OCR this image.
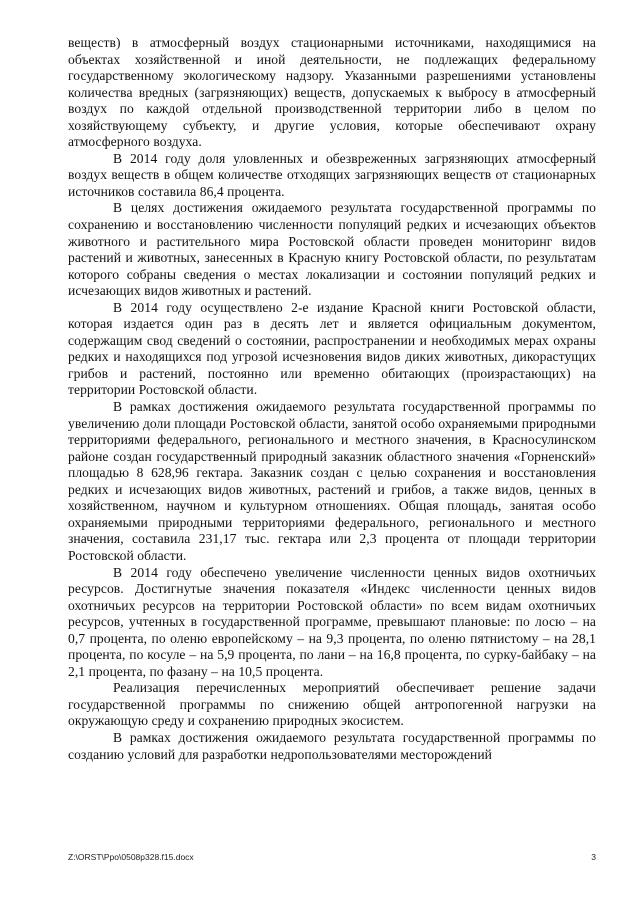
веществ) в атмосферный воздух стационарными источниками, находящимися на объектах хозяйственной и иной деятельности, не подлежащих федеральному государственному экологическому надзору. Указанными разрешениями установлены количества вредных (загрязняющих) веществ, допускаемых к выбросу в атмосферный воздух по каждой отдельной производственной территории либо в целом по хозяйствующему субъекту, и другие условия, которые обеспечивают охрану атмосферного воздуха.

В 2014 году доля уловленных и обезвреженных загрязняющих атмосферный воздух веществ в общем количестве отходящих загрязняющих веществ от стационарных источников составила 86,4 процента.

В целях достижения ожидаемого результата государственной программы по сохранению и восстановлению численности популяций редких и исчезающих объектов животного и растительного мира Ростовской области проведен мониторинг видов растений и животных, занесенных в Красную книгу Ростовской области, по результатам которого собраны сведения о местах локализации и состоянии популяций редких и исчезающих видов животных и растений.

В 2014 году осуществлено 2-е издание Красной книги Ростовской области, которая издается один раз в десять лет и является официальным документом, содержащим свод сведений о состоянии, распространении и необходимых мерах охраны редких и находящихся под угрозой исчезновения видов диких животных, дикорастущих грибов и растений, постоянно или временно обитающих (произрастающих) на территории Ростовской области.

В рамках достижения ожидаемого результата государственной программы по увеличению доли площади Ростовской области, занятой особо охраняемыми природными территориями федерального, регионального и местного значения, в Красносулинском районе создан государственный природный заказник областного значения «Горненский» площадью 8 628,96 гектара. Заказник создан с целью сохранения и восстановления редких и исчезающих видов животных, растений и грибов, а также видов, ценных в хозяйственном, научном и культурном отношениях. Общая площадь, занятая особо охраняемыми природными территориями федерального, регионального и местного значения, составила 231,17 тыс. гектара или 2,3 процента от площади территории Ростовской области.

В 2014 году обеспечено увеличение численности ценных видов охотничьих ресурсов. Достигнутые значения показателя «Индекс численности ценных видов охотничьих ресурсов на территории Ростовской области» по всем видам охотничьих ресурсов, учтенных в государственной программе, превышают плановые: по лосю – на 0,7 процента, по оленю европейскому – на 9,3 процента, по оленю пятнистому – на 28,1 процента, по косуле – на 5,9 процента, по лани – на 16,8 процента, по сурку-байбаку – на 2,1 процента, по фазану – на 10,5 процента.

Реализация перечисленных мероприятий обеспечивает решение задачи государственной программы по снижению общей антропогенной нагрузки на окружающую среду и сохранению природных экосистем.

В рамках достижения ожидаемого результата государственной программы по созданию условий для разработки недропользователями месторождений

Z:\ORST\Ppo\0508p328.f15.docx	3
